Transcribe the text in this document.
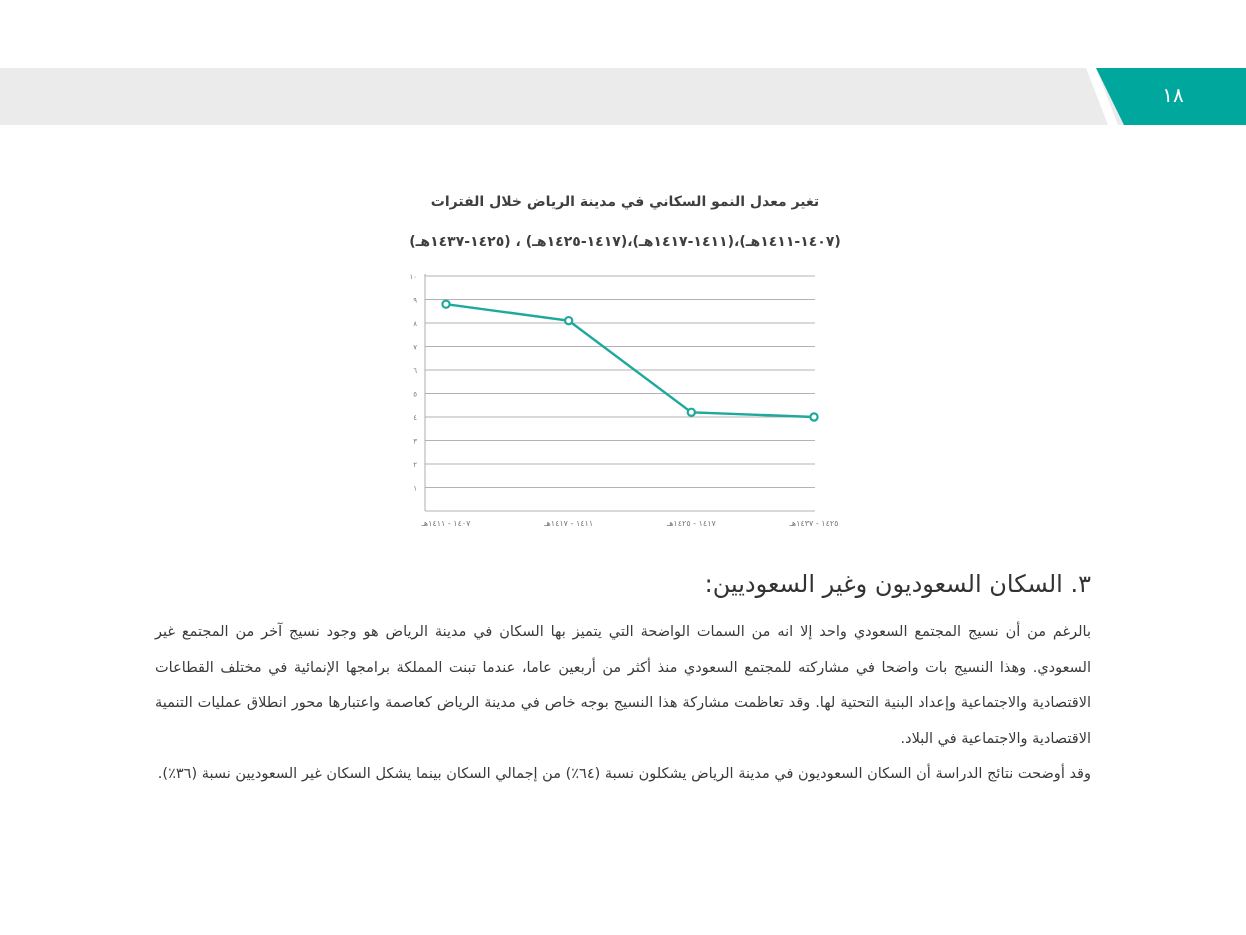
١٨
تغير معدل النمو السكاني في مدينة الرياض خلال الفترات
(١٤٠٧-١٤١١هـ)،(١٤١١-١٤١٧هـ)،(١٤١٧-١٤٢٥هـ) ، (١٤٢٥-١٤٣٧هـ)
١
٢
٣
٤
٥
٦
٧
٨
٩
١٠
١٤٠٧ - ١٤١١هـ	١٤١١ - ١٤١٧هـ	١٤١٧ - ١٤٢٥هـ	١٤٢٥ - ١٤٣٧هـ
٣. السكان السعوديون وغير السعوديين:

بالرغم من أن نسيج المجتمع السعودي واحد إلا انه من السمات الواضحة التي يتميز بها السكان في مدينة الرياض هو وجود نسيج آخر من المجتمع غير السعودي. وهذا النسيج بات واضحا في مشاركته للمجتمع السعودي منذ أكثر من أربعين عاما، عندما تبنت المملكة برامجها الإنمائية في مختلف القطاعات الاقتصادية والاجتماعية وإعداد البنية التحتية لها. وقد تعاظمت مشاركة هذا النسيج بوجه خاص في مدينة الرياض كعاصمة واعتبارها محور انطلاق عمليات التنمية الاقتصادية والاجتماعية في البلاد.

وقد أوضحت نتائج الدراسة أن السكان السعوديون في مدينة الرياض يشكلون نسبة (٦٤٪) من إجمالي السكان بينما يشكل السكان غير السعوديين نسبة (٣٦٪).
